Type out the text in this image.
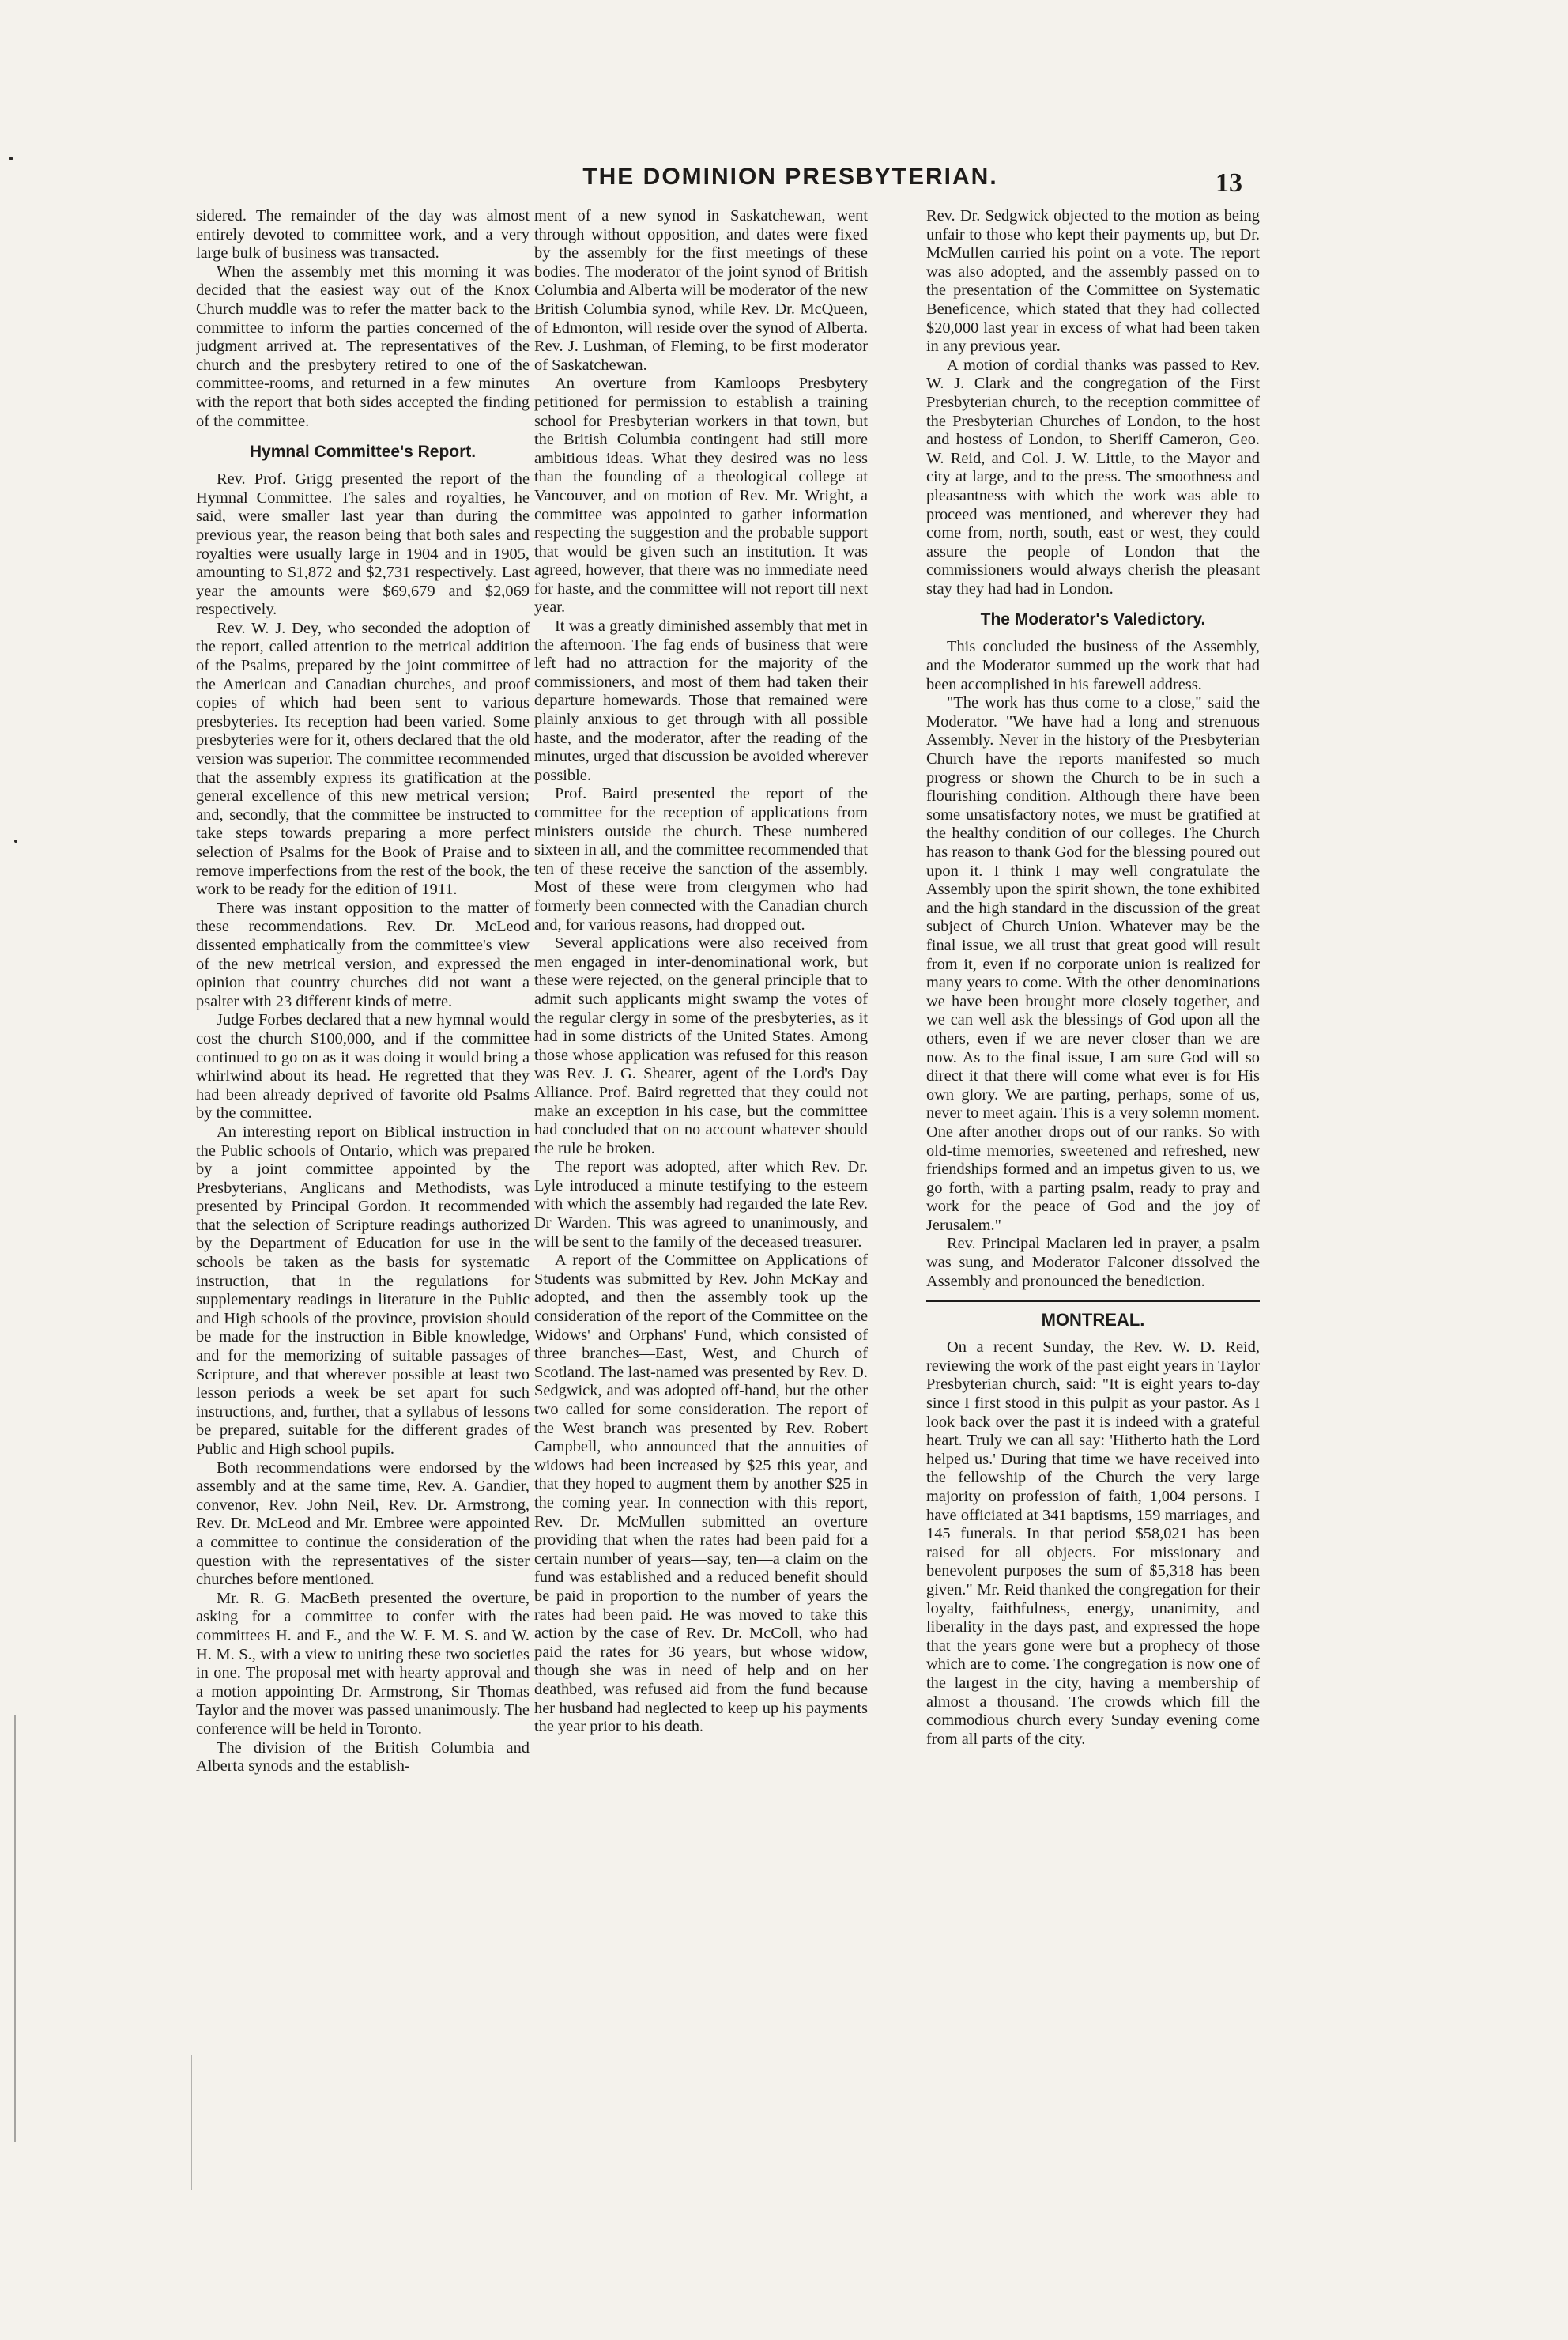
THE DOMINION PRESBYTERIAN.	13

sidered. The remainder of the day was almost entirely devoted to committee work, and a very large bulk of business was transacted.

When the assembly met this morning it was decided that the easiest way out of the Knox Church muddle was to refer the matter back to the committee to inform the parties concerned of the judgment arrived at. The representatives of the church and the presbytery retired to one of the committee-rooms, and returned in a few minutes with the report that both sides accepted the finding of the committee.

Hymnal Committee's Report.

Rev. Prof. Grigg presented the report of the Hymnal Committee. The sales and royalties, he said, were smaller last year than during the previous year, the reason being that both sales and royalties were usually large in 1904 and in 1905, amounting to $1,872 and $2,731 respectively. Last year the amounts were $69,679 and $2,069 respectively.

Rev. W. J. Dey, who seconded the adoption of the report, called attention to the metrical addition of the Psalms, prepared by the joint committee of the American and Canadian churches, and proof copies of which had been sent to various presbyteries. Its reception had been varied. Some presbyteries were for it, others declared that the old version was superior. The committee recommended that the assembly express its gratification at the general excellence of this new metrical version; and, secondly, that the committee be instructed to take steps towards preparing a more perfect selection of Psalms for the Book of Praise and to remove imperfections from the rest of the book, the work to be ready for the edition of 1911.

There was instant opposition to the matter of these recommendations. Rev. Dr. McLeod dissented emphatically from the committee's view of the new metrical version, and expressed the opinion that country churches did not want a psalter with 23 different kinds of metre.

Judge Forbes declared that a new hymnal would cost the church $100,000, and if the committee continued to go on as it was doing it would bring a whirlwind about its head. He regretted that they had been already deprived of favorite old Psalms by the committee.

An interesting report on Biblical instruction in the Public schools of Ontario, which was prepared by a joint committee appointed by the Presbyterians, Anglicans and Methodists, was presented by Principal Gordon. It recommended that the selection of Scripture readings authorized by the Department of Education for use in the schools be taken as the basis for systematic instruction, that in the regulations for supplementary readings in literature in the Public and High schools of the province, provision should be made for the instruction in Bible knowledge, and for the memorizing of suitable passages of Scripture, and that wherever possible at least two lesson periods a week be set apart for such instructions, and, further, that a syllabus of lessons be prepared, suitable for the different grades of Public and High school pupils.

Both recommendations were endorsed by the assembly and at the same time, Rev. A. Gandier, convenor, Rev. John Neil, Rev. Dr. Armstrong, Rev. Dr. McLeod and Mr. Embree were appointed a committee to continue the consideration of the question with the representatives of the sister churches before mentioned.

Mr. R. G. MacBeth presented the overture, asking for a committee to confer with the committees H. and F., and the W. F. M. S. and W. H. M. S., with a view to uniting these two societies in one. The proposal met with hearty approval and a motion appointing Dr. Armstrong, Sir Thomas Taylor and the mover was passed unanimously. The conference will be held in Toronto.

The division of the British Columbia and Alberta synods and the establish-

ment of a new synod in Saskatchewan, went through without opposition, and dates were fixed by the assembly for the first meetings of these bodies. The moderator of the joint synod of British Columbia and Alberta will be moderator of the new British Columbia synod, while Rev. Dr. McQueen, of Edmonton, will reside over the synod of Alberta. Rev. J. Lushman, of Fleming, to be first moderator of Saskatchewan.

An overture from Kamloops Presbytery petitioned for permission to establish a training school for Presbyterian workers in that town, but the British Columbia contingent had still more ambitious ideas. What they desired was no less than the founding of a theological college at Vancouver, and on motion of Rev. Mr. Wright, a committee was appointed to gather information respecting the suggestion and the probable support that would be given such an institution. It was agreed, however, that there was no immediate need for haste, and the committee will not report till next year.

It was a greatly diminished assembly that met in the afternoon. The fag ends of business that were left had no attraction for the majority of the commissioners, and most of them had taken their departure homewards. Those that remained were plainly anxious to get through with all possible haste, and the moderator, after the reading of the minutes, urged that discussion be avoided wherever possible.

Prof. Baird presented the report of the committee for the reception of applications from ministers outside the church. These numbered sixteen in all, and the committee recommended that ten of these receive the sanction of the assembly. Most of these were from clergymen who had formerly been connected with the Canadian church and, for various reasons, had dropped out.

Several applications were also received from men engaged in inter-denominational work, but these were rejected, on the general principle that to admit such applicants might swamp the votes of the regular clergy in some of the presbyteries, as it had in some districts of the United States. Among those whose application was refused for this reason was Rev. J. G. Shearer, agent of the Lord's Day Alliance. Prof. Baird regretted that they could not make an exception in his case, but the committee had concluded that on no account whatever should the rule be broken.

The report was adopted, after which Rev. Dr. Lyle introduced a minute testifying to the esteem with which the assembly had regarded the late Rev. Dr Warden. This was agreed to unanimously, and will be sent to the family of the deceased treasurer.

A report of the Committee on Applications of Students was submitted by Rev. John McKay and adopted, and then the assembly took up the consideration of the report of the Committee on the Widows' and Orphans' Fund, which consisted of three branches—East, West, and Church of Scotland. The last-named was presented by Rev. D. Sedgwick, and was adopted off-hand, but the other two called for some consideration. The report of the West branch was presented by Rev. Robert Campbell, who announced that the annuities of widows had been increased by $25 this year, and that they hoped to augment them by another $25 in the coming year. In connection with this report, Rev. Dr. McMullen submitted an overture providing that when the rates had been paid for a certain number of years—say, ten—a claim on the fund was established and a reduced benefit should be paid in proportion to the number of years the rates had been paid. He was moved to take this action by the case of Rev. Dr. McColl, who had paid the rates for 36 years, but whose widow, though she was in need of help and on her deathbed, was refused aid from the fund because her husband had neglected to keep up his payments the year prior to his death.

Rev. Dr. Sedgwick objected to the motion as being unfair to those who kept their payments up, but Dr. McMullen carried his point on a vote. The report was also adopted, and the assembly passed on to the presentation of the Committee on Systematic Beneficence, which stated that they had collected $20,000 last year in excess of what had been taken in any previous year.

A motion of cordial thanks was passed to Rev. W. J. Clark and the congregation of the First Presbyterian church, to the reception committee of the Presbyterian Churches of London, to the host and hostess of London, to Sheriff Cameron, Geo. W. Reid, and Col. J. W. Little, to the Mayor and city at large, and to the press. The smoothness and pleasantness with which the work was able to proceed was mentioned, and wherever they had come from, north, south, east or west, they could assure the people of London that the commissioners would always cherish the pleasant stay they had had in London.

The Moderator's Valedictory.

This concluded the business of the Assembly, and the Moderator summed up the work that had been accomplished in his farewell address.

"The work has thus come to a close," said the Moderator. "We have had a long and strenuous Assembly. Never in the history of the Presbyterian Church have the reports manifested so much progress or shown the Church to be in such a flourishing condition. Although there have been some unsatisfactory notes, we must be gratified at the healthy condition of our colleges. The Church has reason to thank God for the blessing poured out upon it. I think I may well congratulate the Assembly upon the spirit shown, the tone exhibited and the high standard in the discussion of the great subject of Church Union. Whatever may be the final issue, we all trust that great good will result from it, even if no corporate union is realized for many years to come. With the other denominations we have been brought more closely together, and we can well ask the blessings of God upon all the others, even if we are never closer than we are now. As to the final issue, I am sure God will so direct it that there will come what ever is for His own glory. We are parting, perhaps, some of us, never to meet again. This is a very solemn moment. One after another drops out of our ranks. So with old-time memories, sweetened and refreshed, new friendships formed and an impetus given to us, we go forth, with a parting psalm, ready to pray and work for the peace of God and the joy of Jerusalem."

Rev. Principal Maclaren led in prayer, a psalm was sung, and Moderator Falconer dissolved the Assembly and pronounced the benediction.

MONTREAL.

On a recent Sunday, the Rev. W. D. Reid, reviewing the work of the past eight years in Taylor Presbyterian church, said: "It is eight years to-day since I first stood in this pulpit as your pastor. As I look back over the past it is indeed with a grateful heart. Truly we can all say: 'Hitherto hath the Lord helped us.' During that time we have received into the fellowship of the Church the very large majority on profession of faith, 1,004 persons. I have officiated at 341 baptisms, 159 marriages, and 145 funerals. In that period $58,021 has been raised for all objects. For missionary and benevolent purposes the sum of $5,318 has been given." Mr. Reid thanked the congregation for their loyalty, faithfulness, energy, unanimity, and liberality in the days past, and expressed the hope that the years gone were but a prophecy of those which are to come. The congregation is now one of the largest in the city, having a membership of almost a thousand. The crowds which fill the commodious church every Sunday evening come from all parts of the city.
